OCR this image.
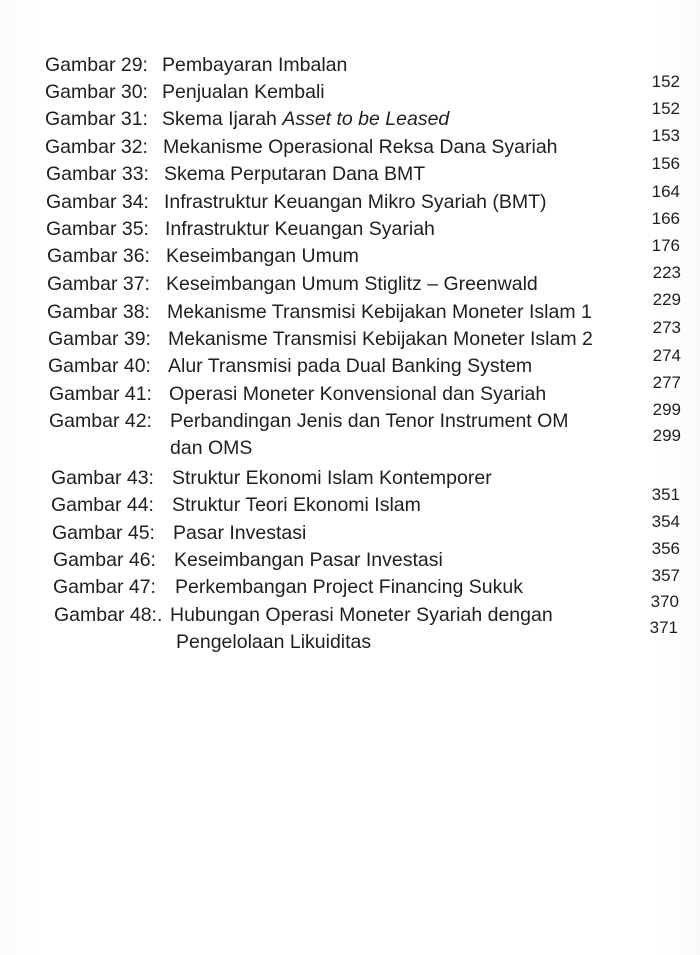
Gambar 29: Pembayaran Imbalan
152
Gambar 30: Penjualan Kembali
152
Gambar 31: Skema Ijarah Asset to be Leased
153
Gambar 32: Mekanisme Operasional Reksa Dana Syariah
156
Gambar 33: Skema Perputaran Dana BMT
164
Gambar 34: Infrastruktur Keuangan Mikro Syariah (BMT)
166
Gambar 35: Infrastruktur Keuangan Syariah
176
Gambar 36: Keseimbangan Umum
223
Gambar 37: Keseimbangan Umum Stiglitz – Greenwald
229
Gambar 38: Mekanisme Transmisi Kebijakan Moneter Islam 1
273
Gambar 39: Mekanisme Transmisi Kebijakan Moneter Islam 2
274
Gambar 40: Alur Transmisi pada Dual Banking System
277
Gambar 41: Operasi Moneter Konvensional dan Syariah
299
Gambar 42: Perbandingan Jenis dan Tenor Instrument OM
dan OMS
299
Gambar 43: Struktur Ekonomi Islam Kontemporer
351
Gambar 44: Struktur Teori Ekonomi Islam
354
Gambar 45: Pasar Investasi
356
Gambar 46: Keseimbangan Pasar Investasi
357
Gambar 47: Perkembangan Project Financing Sukuk
370
Gambar 48:. Hubungan Operasi Moneter Syariah dengan
Pengelolaan Likuiditas
371
